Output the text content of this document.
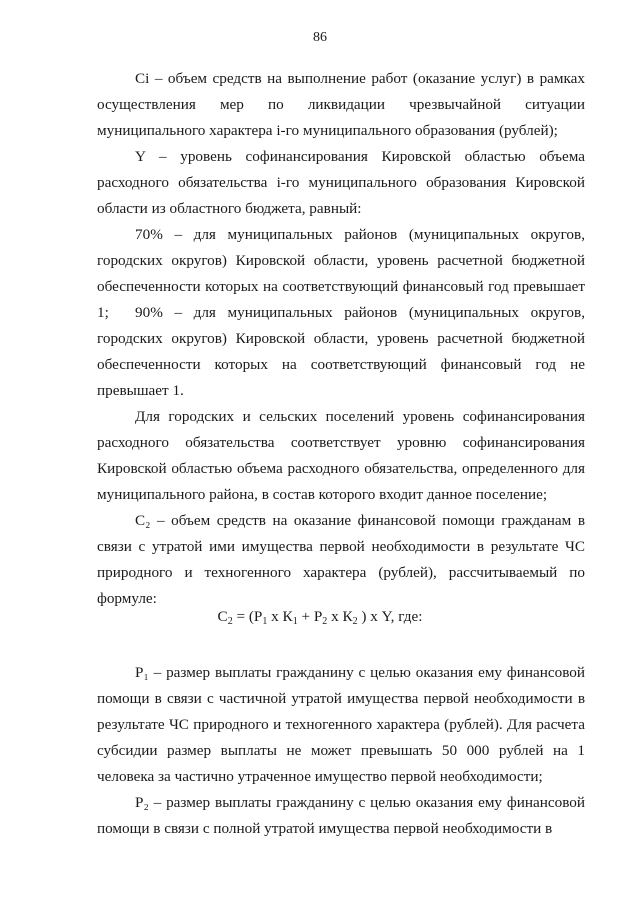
86

Ci – объем средств на выполнение работ (оказание услуг) в рамках осуществления мер по ликвидации чрезвычайной ситуации муниципального характера i-го муниципального образования (рублей);

Y – уровень софинансирования Кировской областью объема расходного обязательства i-го муниципального образования Кировской области из областного бюджета, равный:

70% – для муниципальных районов (муниципальных округов, городских округов) Кировской области, уровень расчетной бюджетной обеспеченности которых на соответствующий финансовый год превышает 1;	90% – для муниципальных районов (муниципальных округов, городских округов) Кировской области, уровень расчетной бюджетной обеспеченности которых на соответствующий финансовый год не превышает 1.

Для городских и сельских поселений уровень софинансирования расходного обязательства соответствует уровню софинансирования Кировской областью объема расходного обязательства, определенного для муниципального района, в состав которого входит данное поселение;

С₂ – объем средств на оказание финансовой помощи гражданам в связи с утратой ими имущества первой необходимости в результате ЧС природного и техногенного характера (рублей), рассчитываемый по формуле:

$С_2 = (Р_1$ х $К_1 + Р_2$ х $К_2$ ) х Y, где:

Р₁ – размер выплаты гражданину с целью оказания ему финансовой помощи в связи с частичной утратой имущества первой необходимости в результате ЧС природного и техногенного характера (рублей). Для расчета субсидии размер выплаты не может превышать 50 000 рублей на 1 человека за частично утраченное имущество первой необходимости;

Р₂ – размер выплаты гражданину с целью оказания ему финансовой помощи в связи с полной утратой имущества первой необходимости в
